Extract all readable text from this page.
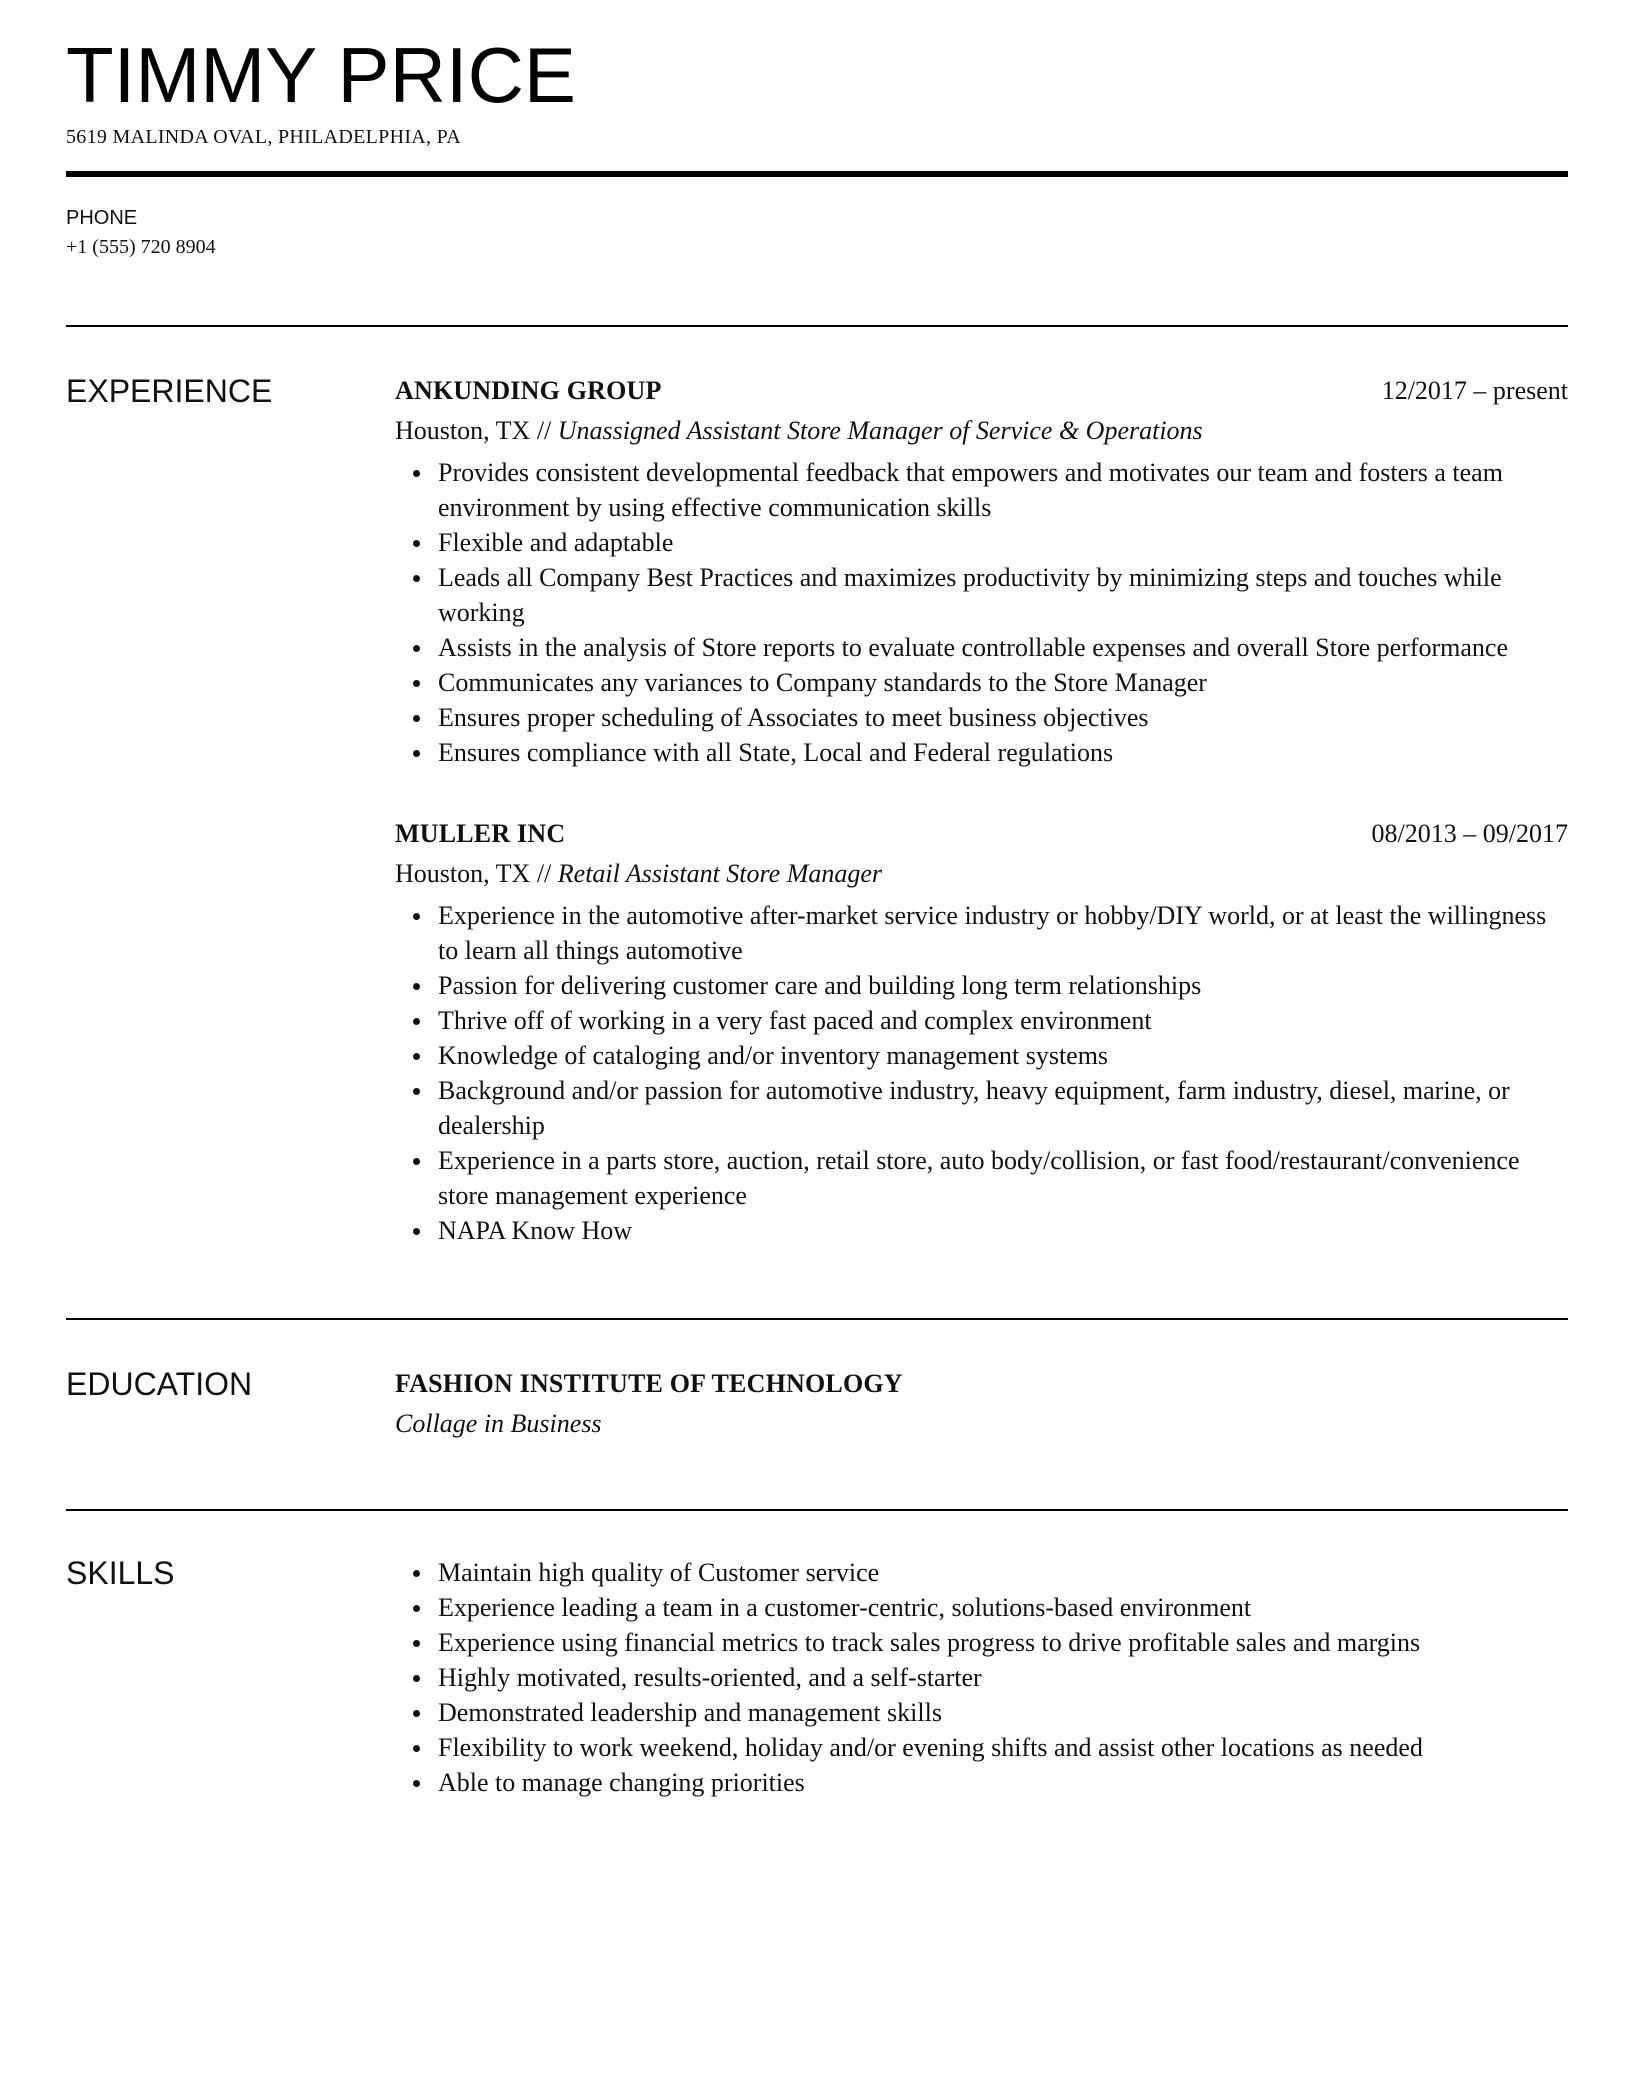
TIMMY PRICE
5619 MALINDA OVAL, PHILADELPHIA, PA
PHONE
+1 (555) 720 8904
EXPERIENCE	ANKUNDING GROUP	12/2017 – present
Houston, TX // Unassigned Assistant Store Manager of Service & Operations
Provides consistent developmental feedback that empowers and motivates our team and fosters a team environment by using effective communication skills
Flexible and adaptable
Leads all Company Best Practices and maximizes productivity by minimizing steps and touches while working
Assists in the analysis of Store reports to evaluate controllable expenses and overall Store performance
Communicates any variances to Company standards to the Store Manager
Ensures proper scheduling of Associates to meet business objectives
Ensures compliance with all State, Local and Federal regulations
MULLER INC	08/2013 – 09/2017
Houston, TX // Retail Assistant Store Manager
Experience in the automotive after-market service industry or hobby/DIY world, or at least the willingness to learn all things automotive
Passion for delivering customer care and building long term relationships
Thrive off of working in a very fast paced and complex environment
Knowledge of cataloging and/or inventory management systems
Background and/or passion for automotive industry, heavy equipment, farm industry, diesel, marine, or dealership
Experience in a parts store, auction, retail store, auto body/collision, or fast food/restaurant/convenience store management experience
NAPA Know How
EDUCATION	FASHION INSTITUTE OF TECHNOLOGY
Collage in Business
SKILLS	Maintain high quality of Customer service
Experience leading a team in a customer-centric, solutions-based environment
Experience using financial metrics to track sales progress to drive profitable sales and margins
Highly motivated, results-oriented, and a self-starter
Demonstrated leadership and management skills
Flexibility to work weekend, holiday and/or evening shifts and assist other locations as needed
Able to manage changing priorities
